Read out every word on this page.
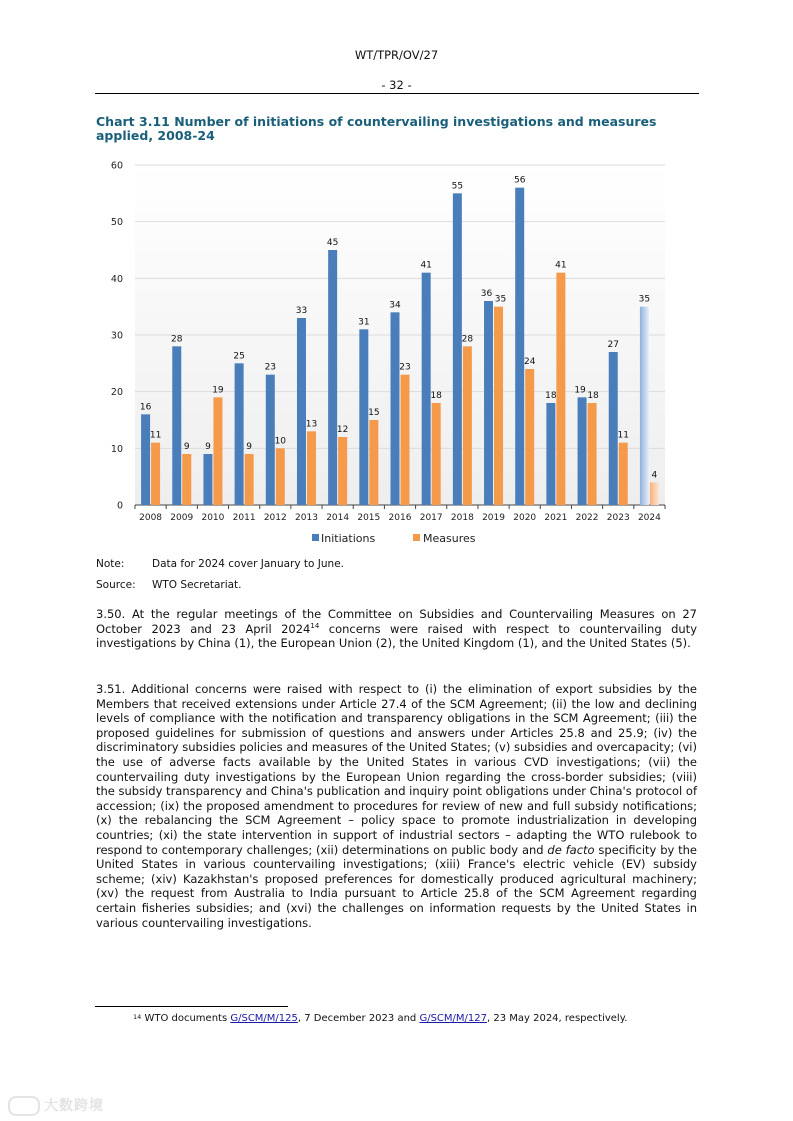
WT/TPR/OV/27
- 32 -
Chart 3.11 Number of initiations of countervailing investigations and measures applied, 2008-24
0
10
20
30
40
50
60
2008 2009 2010 2011 2012 2013 2014 2015 2016 2017 2018 2019 2020 2021 2022 2023 2024
16
28
9
25
23
33
45
31
34
41
55
36
56
18
19
27
35
11
9
19
9
10
13
12
15
23
18
28
35
24
41
18
11
4
Initiations	Measures
Note:	Data for 2024 cover January to June.
Source: WTO Secretariat.
3.50. At the regular meetings of the Committee on Subsidies and Countervailing Measures on 27 October 2023 and 23 April 2024$^{14}$ concerns were raised with respect to countervailing duty investigations by China (1), the European Union (2), the United Kingdom (1), and the United States (5).
3.51. Additional concerns were raised with respect to (i) the elimination of export subsidies by the Members that received extensions under Article 27.4 of the SCM Agreement; (ii) the low and declining levels of compliance with the notification and transparency obligations in the SCM Agreement; (iii) the proposed guidelines for submission of questions and answers under Articles 25.8 and 25.9; (iv) the discriminatory subsidies policies and measures of the United States; (v) subsidies and overcapacity; (vi) the use of adverse facts available by the United States in various CVD investigations; (vii) the countervailing duty investigations by the European Union regarding the cross-border subsidies; (viii) the subsidy transparency and China's publication and inquiry point obligations under China's protocol of accession; (ix) the proposed amendment to procedures for review of new and full subsidy notifications; (x) the rebalancing the SCM Agreement – policy space to promote industrialization in developing countries; (xi) the state intervention in support of industrial sectors – adapting the WTO rulebook to respond to contemporary challenges; (xii) determinations on public body and de facto specificity by the United States in various countervailing investigations; (xiii) France's electric vehicle (EV) subsidy scheme; (xiv) Kazakhstan's proposed preferences for domestically produced agricultural machinery; (xv) the request from Australia to India pursuant to Article 25.8 of the SCM Agreement regarding certain fisheries subsidies; and (xvi) the challenges on information requests by the United States in various countervailing investigations.
$^{14}$ WTO documents G/SCM/M/125, 7 December 2023 and G/SCM/M/127, 23 May 2024, respectively.
大数跨境
